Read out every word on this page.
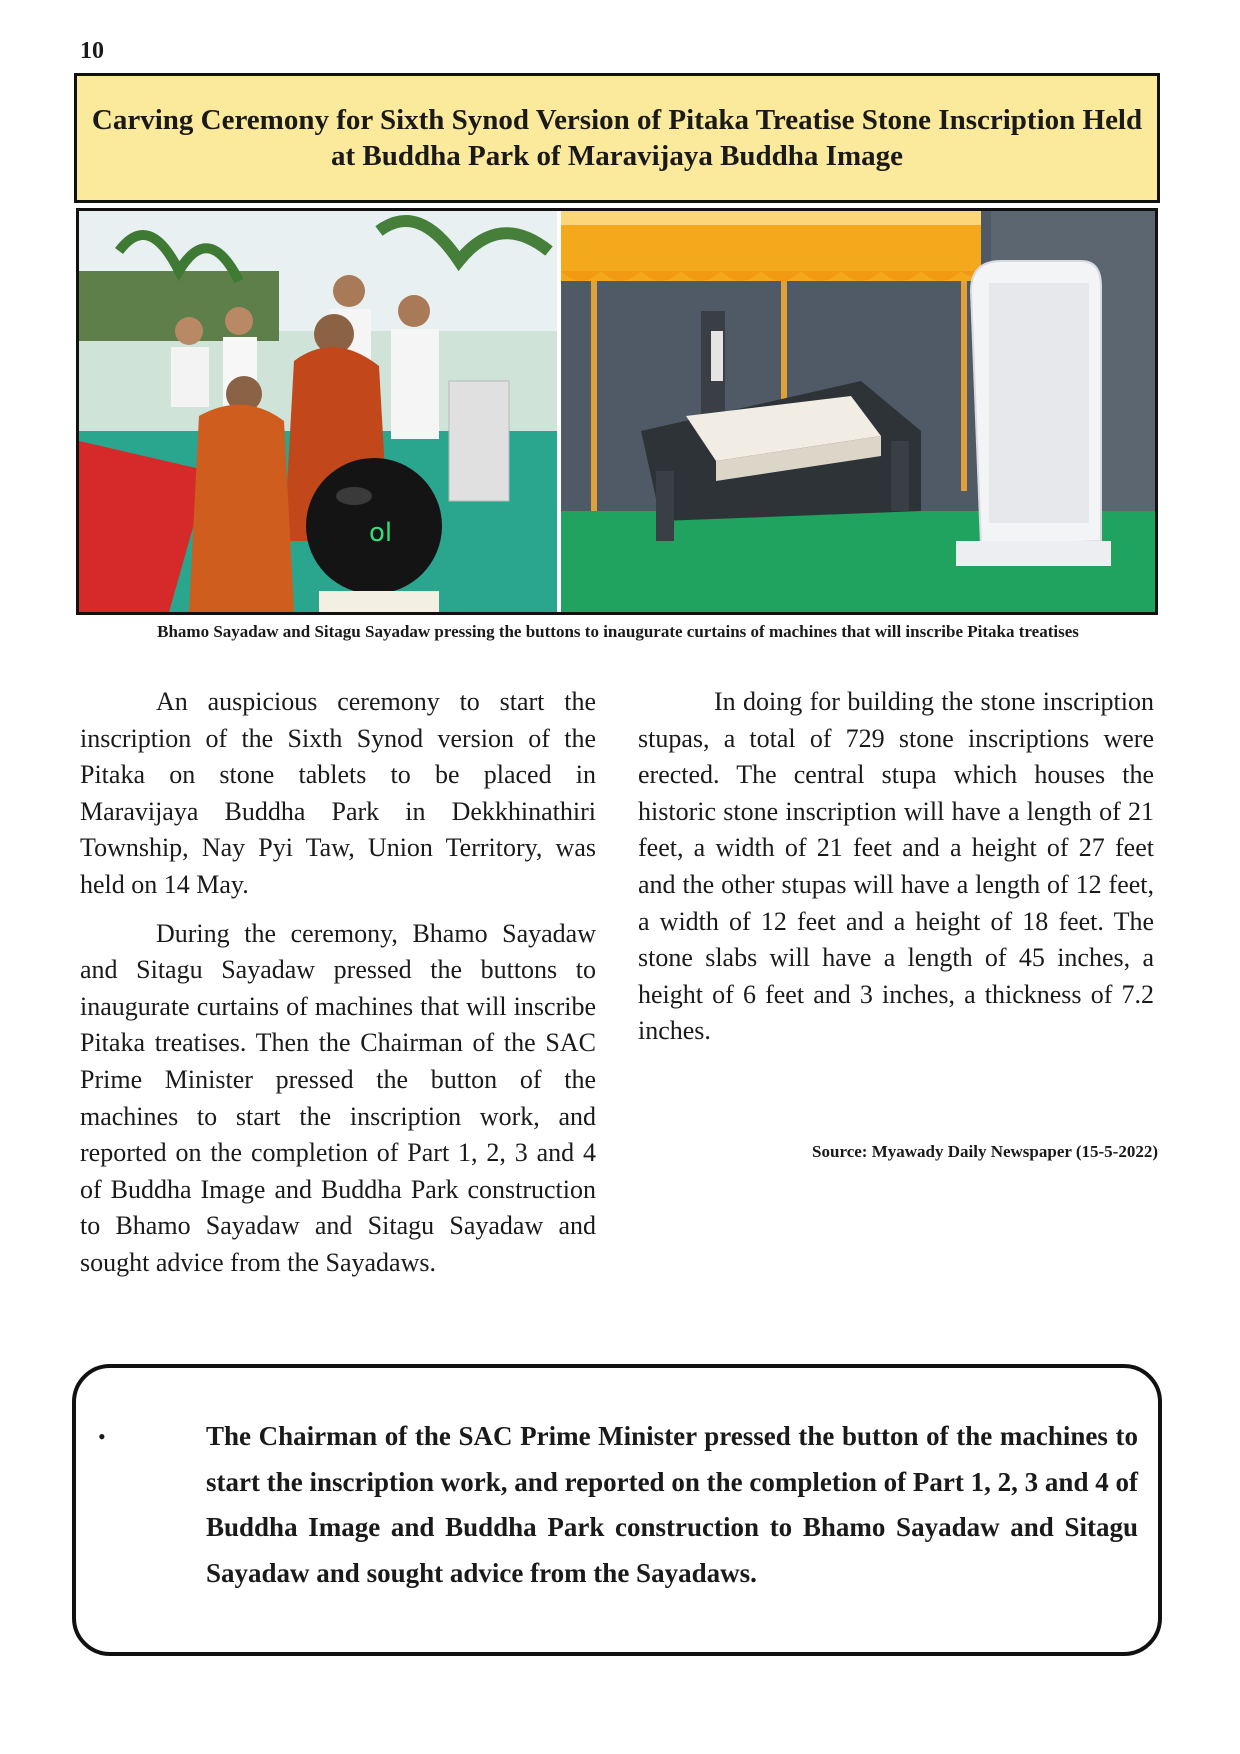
10
Carving Ceremony for Sixth Synod Version of Pitaka Treatise Stone Inscription Held at Buddha Park of Maravijaya Buddha Image
ol
Bhamo Sayadaw and Sitagu Sayadaw pressing the buttons to inaugurate curtains of machines that will inscribe Pitaka treatises

An auspicious ceremony to start the inscription of the Sixth Synod version of the Pitaka on stone tablets to be placed in Maravijaya Buddha Park in Dekkhinathiri Township, Nay Pyi Taw, Union Territory, was held on 14 May.

During the ceremony, Bhamo Sayadaw and Sitagu Sayadaw pressed the buttons to inaugurate curtains of machines that will inscribe Pitaka treatises. Then the Chairman of the SAC Prime Minister pressed the button of the machines to start the inscription work, and reported on the completion of Part 1, 2, 3 and 4 of Buddha Image and Buddha Park construction to Bhamo Sayadaw and Sitagu Sayadaw and sought advice from the Sayadaws.

In doing for building the stone inscription stupas, a total of 729 stone inscriptions were erected. The central stupa which houses the historic stone inscription will have a length of 21 feet, a width of 21 feet and a height of 27 feet and the other stupas will have a length of 12 feet, a width of 12 feet and a height of 18 feet. The stone slabs will have a length of 45 inches, a height of 6 feet and 3 inches, a thickness of 7.2 inches.

Source: Myawady Daily Newspaper (15-5-2022)
•	The Chairman of the SAC Prime Minister pressed the button of the machines to start the inscription work, and reported on the completion of Part 1, 2, 3 and 4 of Buddha Image and Buddha Park construction to Bhamo Sayadaw and Sitagu Sayadaw and sought advice from the Sayadaws.
